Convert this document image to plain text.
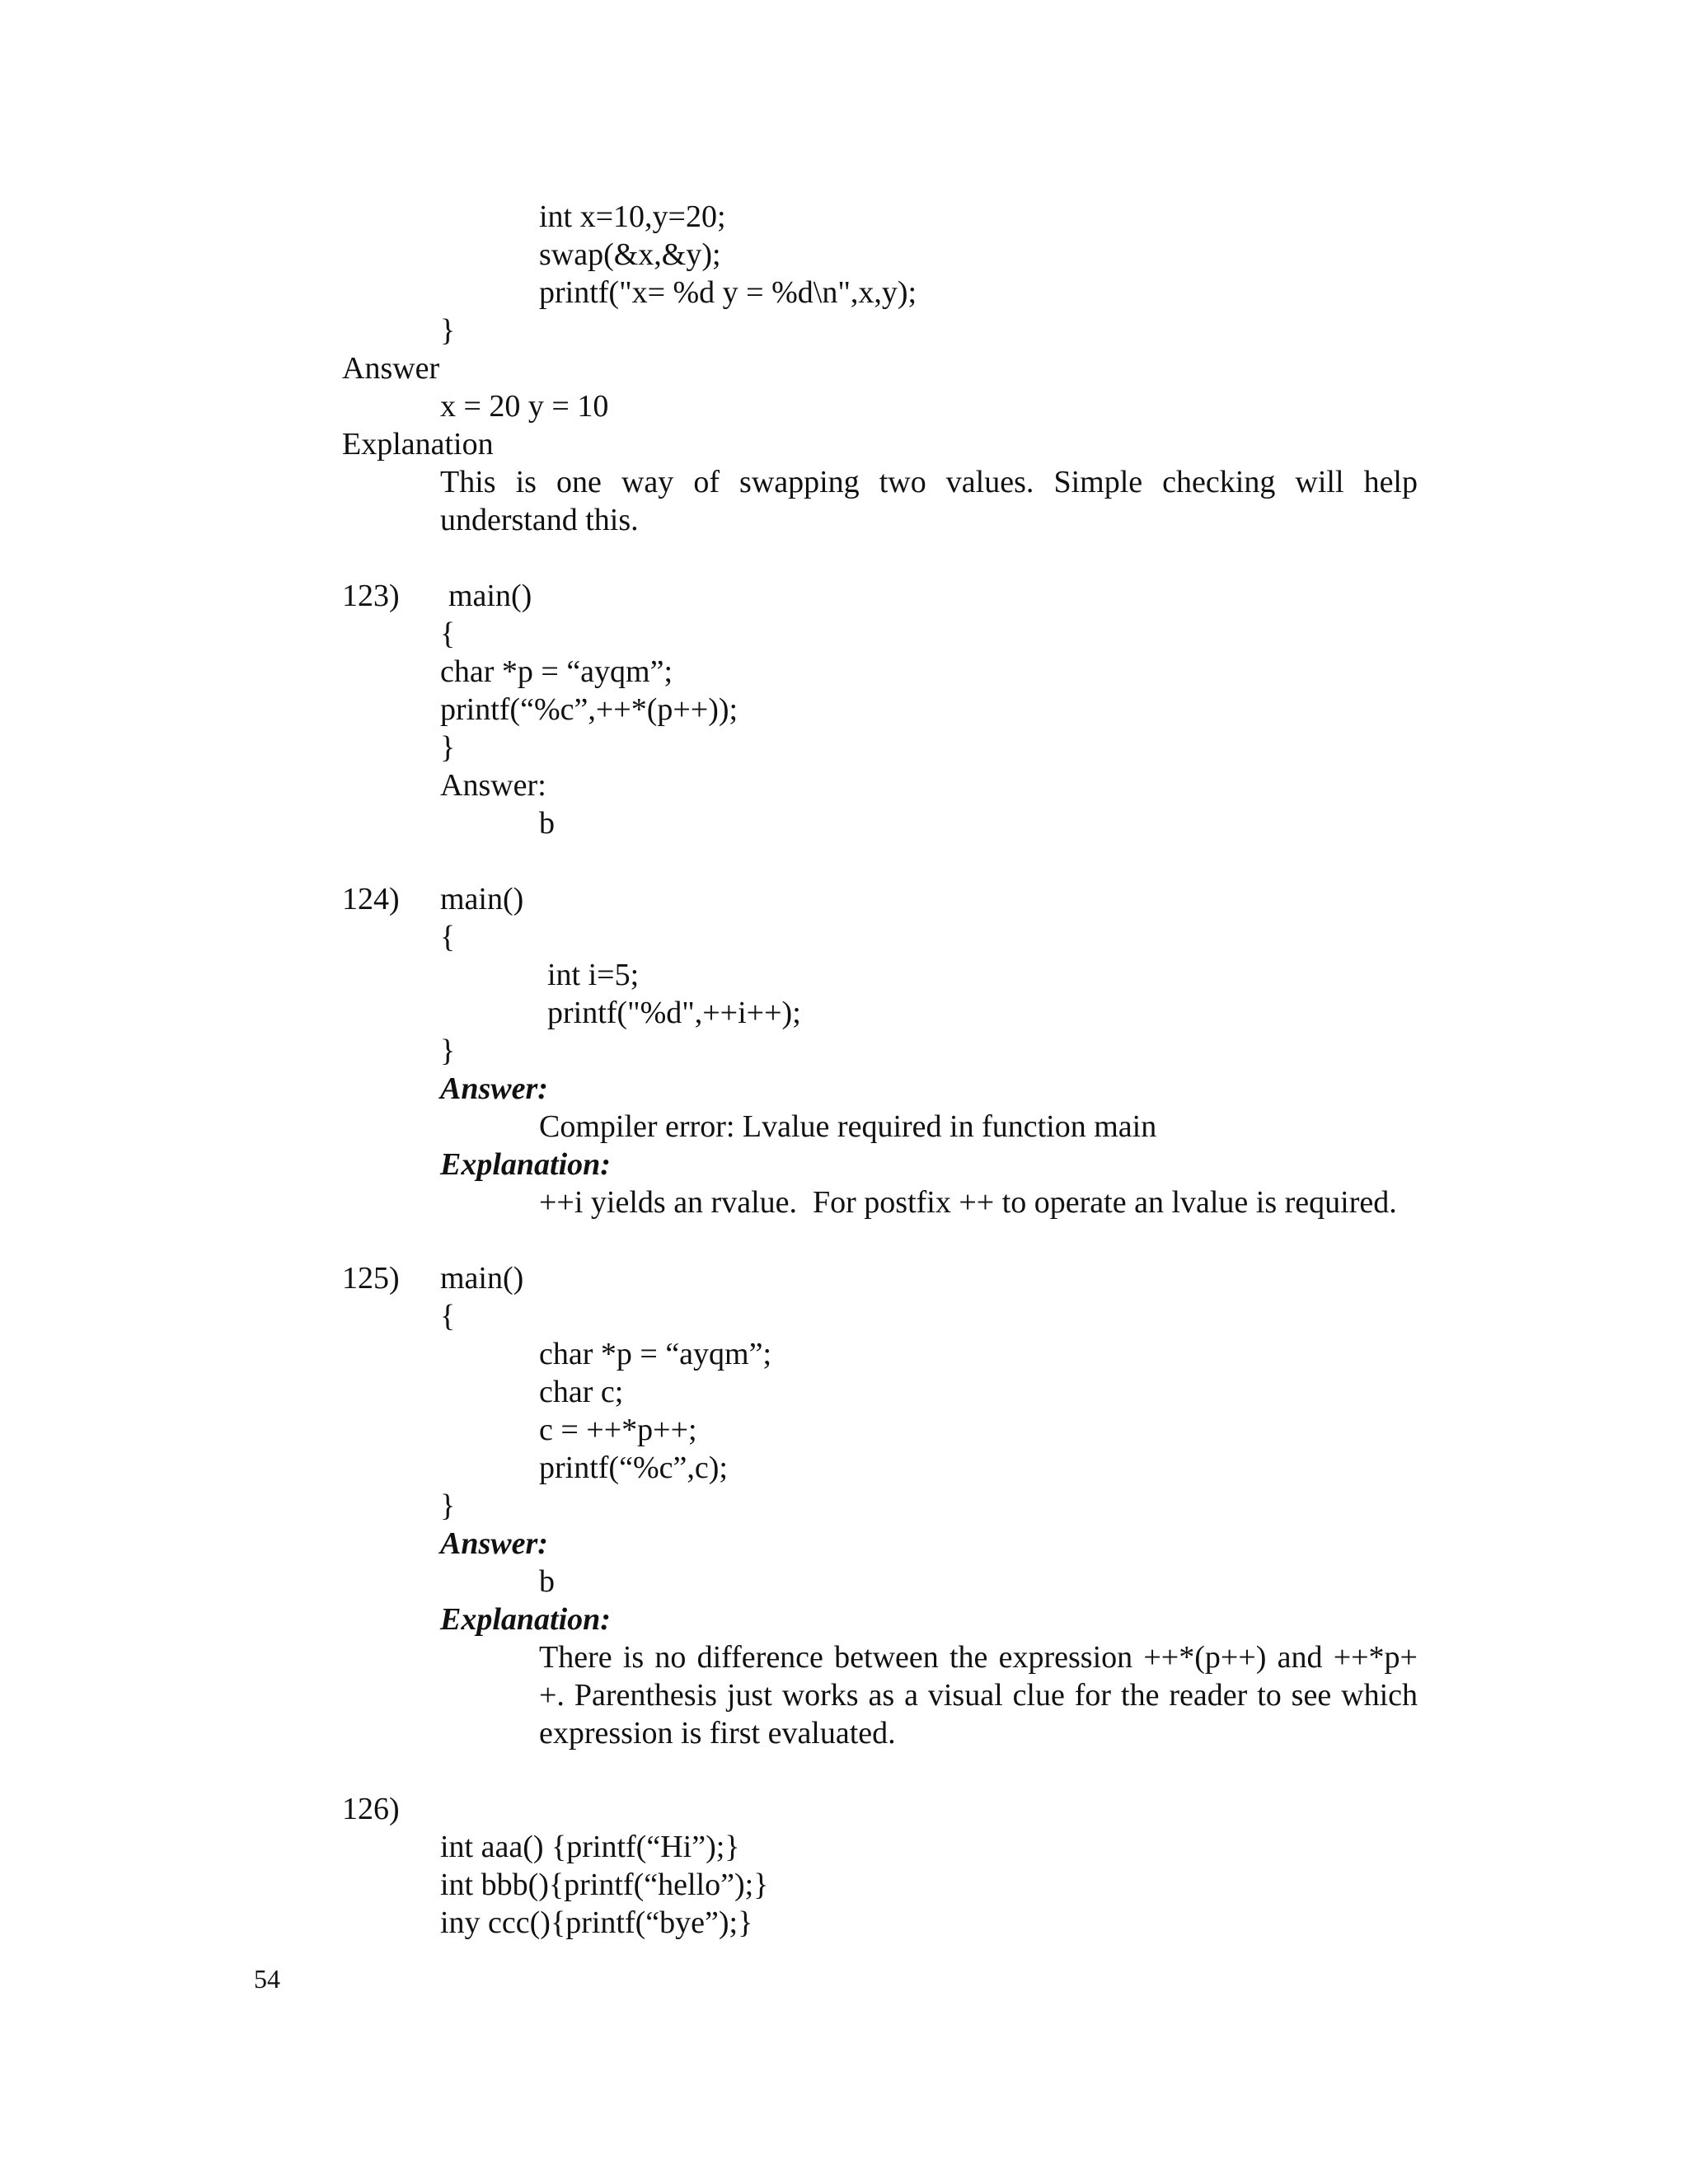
int x=10,y=20;
swap(&x,&y);
printf("x= %d y = %d\n",x,y);
}
Answer
x = 20 y = 10
Explanation
This is one way of swapping two values. Simple checking will help
understand this.
123) main()
{
char *p = “ayqm”;
printf(“%c”,++*(p++));
}
Answer:
b
124) main()
{
int i=5;
printf("%d",++i++);
}
Answer:
Compiler error: Lvalue required in function main
Explanation:
++i yields an rvalue.  For postfix ++ to operate an lvalue is required.
125) main()
{
char *p = “ayqm”;
char c;
c = ++*p++;
printf(“%c”,c);
}
Answer:
b
Explanation:
There is no difference between the expression ++*(p++) and ++*p+
+. Parenthesis just works as a visual clue for the reader to see which
expression is first evaluated.
126)
int aaa() {printf(“Hi”);}
int bbb(){printf(“hello”);}
iny ccc(){printf(“bye”);}
54
